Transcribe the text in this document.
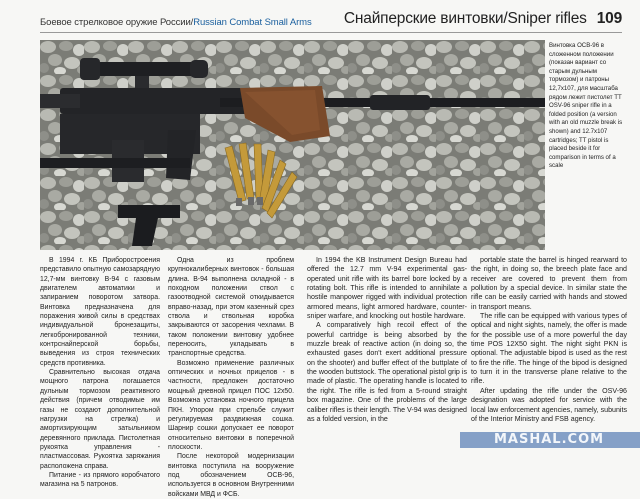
Боевое стрелковое оружие России/Russian Combat Small Arms Снайперские винтовки/Sniper rifles 109
Винтовка ОСВ-96 в сложенном положении (показан вариант со старым дульным тормозом) и патроны 12,7х107, для масштаба рядом лежит пистолет ТТ OSV-96 sniper rifle in a folded position (a version with an old muzzle break is shown) and 12.7x107 cartridges; TT pistol is placed beside it for comparison in terms of a scale

В 1994 г. КБ Приборостроения представило опытную самозарядную 12,7-мм винтовку В-94 с газовым двигателем автоматики и запиранием поворотом затвора. Винтовка предназначена для поражения живой силы в средствах индивидуальной бронезащиты, легкобронированной техники, контрснайперской борьбы, выведения из строя технических средств противника.

Сравнительно высокая отдача мощного патрона погашается дульным тормозом реактивного действия (причем отводимые им газы не создают дополнительной нагрузки на стрелка) и амортизирующим затыльником деревянного приклада. Пистолетная рукоятка управления - пластмассовая. Рукоятка заряжания расположена справа.

Питание - из прямого коробчатого магазина на 5 патронов.

Одна из проблем крупнокалиберных винтовок - большая длина. В-94 выполнена складной - в походном положении ствол с газоотводной системой откидывается вправо-назад, при этом казенный срез ствола и ствольная коробка закрываются от засорения чехлами. В таком положении винтовку удобнее переносить, укладывать в транспортные средства.

Возможно применение различных оптических и ночных прицелов - в частности, предложен достаточно мощный дневной прицел ПОС 12х50. Возможна установка ночного прицела ПКН. Упором при стрельбе служит регулируемая раздвижная сошка. Шарнир сошки допускает ее поворот относительно винтовки в поперечной плоскости.

После некоторой модернизации винтовка поступила на вооружение под обозначением ОСВ-96, используется в основном Внутренними войсками МВД и ФСБ.

In 1994 the KB Instrument Design Bureau had offered the 12.7 mm V-94 experimental gas-operated unit rifle with its barrel bore locked by a rotating bolt. This rifle is intended to annihilate a hostile manpower rigged with individual protection armored means, light armored hardware, counter-sniper warfare, and knocking out hostile hardware.

A comparatively high recoil effect of the powerful cartridge is being absorbed by the muzzle break of reactive action (in doing so, the exhausted gases don't exert additional pressure on the shooter) and buffer effect of the buttplate of the wooden buttstock. The operational pistol grip is made of plastic. The operating handle is located to the right. The rifle is fed from a 5-round straight box magazine. One of the problems of the large caliber rifles is their length. The V-94 was designed as a folded version, in the

portable state the barrel is hinged rearward to the right, in doing so, the breech plate face and receiver are covered to prevent them from pollution by a special device. In similar state the rifle can be easily carried with hands and stowed in transport means.

The rifle can be equipped with various types of optical and night sights, namely, the offer is made for the possible use of a more powerful the day time POS 12X50 sight. The night sight PKN is optional. The adjustable bipod is used as the rest to fire the rifle. The hinge of the bipod is designed to turn it in the transverse plane relative to the rifle.

After updating the rifle under the OSV-96 designation was adopted for service with the local law enforcement agencies, namely, subunits of the Interior Ministry and FSB agency.

MASHAL.COM
